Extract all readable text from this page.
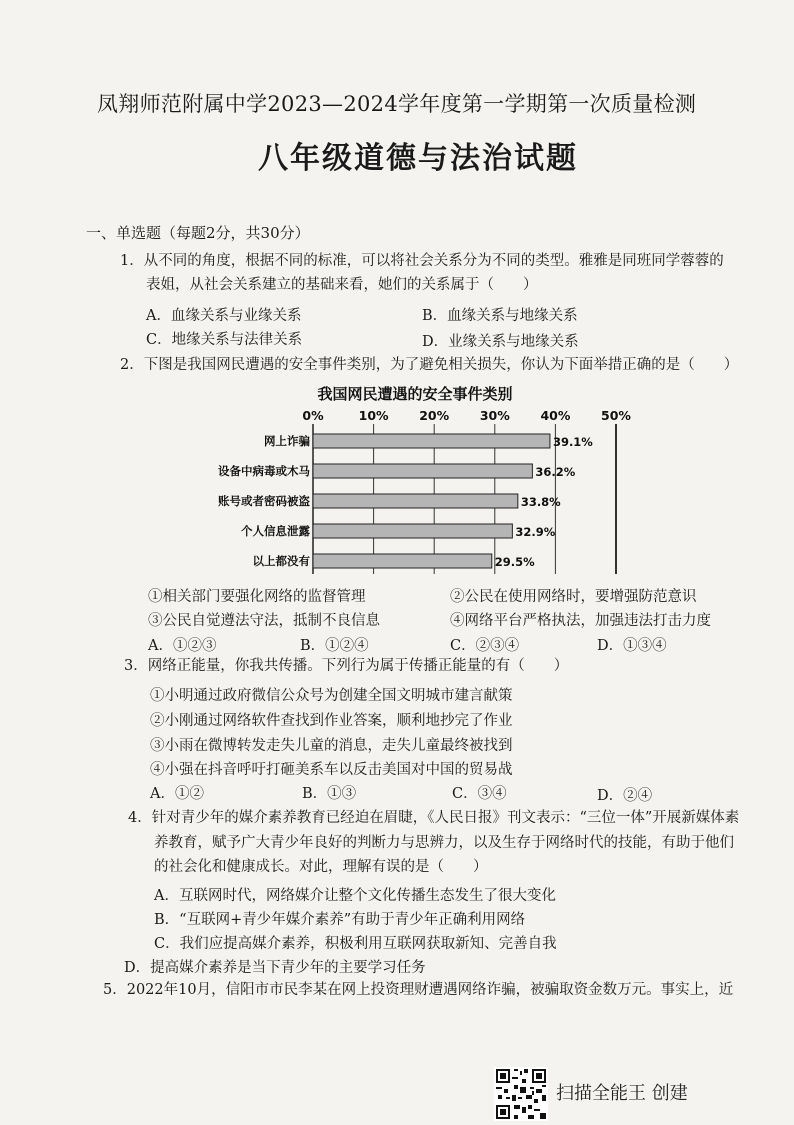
凤翔师范附属中学2023—2024学年度第一学期第一次质量检测
八年级道德与法治试题
一、单选题（每题2分，共30分）
1．从不同的角度，根据不同的标准，可以将社会关系分为不同的类型。雅雅是同班同学蓉蓉的
表姐，从社会关系建立的基础来看，她们的关系属于（　　）
A．血缘关系与业缘关系	B．血缘关系与地缘关系
C．地缘关系与法律关系	D．业缘关系与地缘关系
2．下图是我国网民遭遇的安全事件类别，为了避免相关损失，你认为下面举措正确的是（　　）
我国网民遭遇的安全事件类别
0%	10% 20% 30% 40% 50%
网上诈骗	39.1%
设备中病毒或木马	36.2%
账号或者密码被盗	33.8%
个人信息泄露	32.9%
以上都没有	29.5%
①相关部门要强化网络的监督管理	②公民在使用网络时，要增强防范意识
③公民自觉遵法守法，抵制不良信息	④网络平台严格执法，加强违法打击力度
A．①②③	B．①②④	C．②③④	D．①③④
3．网络正能量，你我共传播。下列行为属于传播正能量的有（　　）
①小明通过政府微信公众号为创建全国文明城市建言献策
②小刚通过网络软件查找到作业答案，顺利地抄完了作业
③小雨在微博转发走失儿童的消息，走失儿童最终被找到
④小强在抖音呼吁打砸美系车以反击美国对中国的贸易战
A．①②	B．①③	C．③④	D．②④
4．针对青少年的媒介素养教育已经迫在眉睫，《人民日报》刊文表示：“三位一体”开展新媒体素
养教育，赋予广大青少年良好的判断力与思辨力，以及生存于网络时代的技能，有助于他们
的社会化和健康成长。对此，理解有误的是（　　）
A．互联网时代，网络媒介让整个文化传播生态发生了很大变化
B．“互联网+青少年媒介素养”有助于青少年正确利用网络
C．我们应提高媒介素养，积极利用互联网获取新知、完善自我
D．提高媒介素养是当下青少年的主要学习任务
5．2022年10月，信阳市市民李某在网上投资理财遭遇网络诈骗，被骗取资金数万元。事实上，近
扫描全能王 创建
